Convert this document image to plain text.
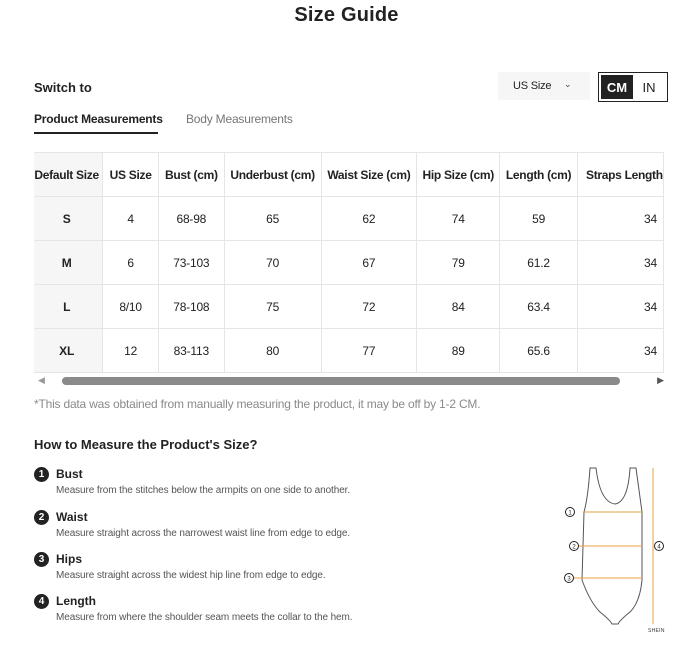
Size Guide
Switch to	US Size ⌄	CM	IN
Product Measurements Body Measurements
Default Size	US Size	Bust (cm)	Underbust (cm)	Waist Size (cm)	Hip Size (cm)	Length (cm)	Straps Length
S	4	68-98	65	62	74	59	34
M	6	73-103	70	67	79	61.2	34
L	8/10	78-108	75	72	84	63.4	34
XL	12	83-113	80	77	89	65.6	34
◀	▶
*This data was obtained from manually measuring the product, it may be off by 1-2 CM.
How to Measure the Product's Size?
1 Bust
Measure from the stitches below the armpits on one side to another.
2 Waist
Measure straight across the narrowest waist line from edge to edge.
3 Hips
Measure straight across the widest hip line from edge to edge.
4 Length
Measure from where the shoulder seam meets the collar to the hem.
1
2
3
4
SHEIN
